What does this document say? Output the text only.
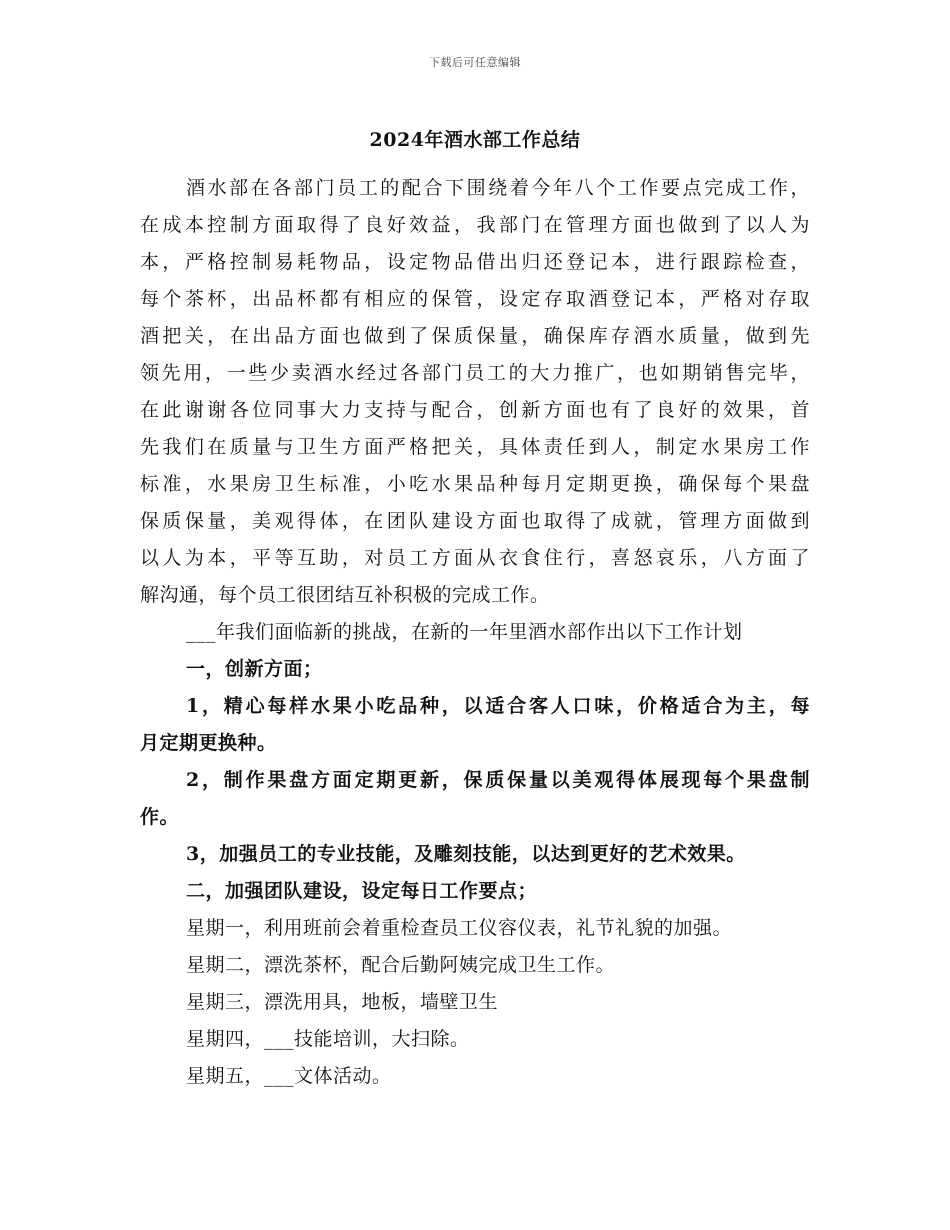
下载后可任意编辑
2024年酒水部工作总结
酒水部在各部门员工的配合下围绕着今年八个工作要点完成工作，
在成本控制方面取得了良好效益，我部门在管理方面也做到了以人为
本，严格控制易耗物品，设定物品借出归还登记本，进行跟踪检查，
每个茶杯，出品杯都有相应的保管，设定存取酒登记本，严格对存取
酒把关，在出品方面也做到了保质保量，确保库存酒水质量，做到先
领先用，一些少卖酒水经过各部门员工的大力推广，也如期销售完毕，
在此谢谢各位同事大力支持与配合，创新方面也有了良好的效果，首
先我们在质量与卫生方面严格把关，具体责任到人，制定水果房工作
标准，水果房卫生标准，小吃水果品种每月定期更换，确保每个果盘
保质保量，美观得体，在团队建设方面也取得了成就，管理方面做到
以人为本，平等互助，对员工方面从衣食住行，喜怒哀乐，八方面了
解沟通，每个员工很团结互补积极的完成工作。
___年我们面临新的挑战，在新的一年里酒水部作出以下工作计划
一，创新方面；
1，精心每样水果小吃品种，以适合客人口味，价格适合为主，每
月定期更换种。
2，制作果盘方面定期更新，保质保量以美观得体展现每个果盘制
作。
3，加强员工的专业技能，及雕刻技能，以达到更好的艺术效果。
二，加强团队建设，设定每日工作要点；
星期一，利用班前会着重检查员工仪容仪表，礼节礼貌的加强。
星期二，漂洗茶杯，配合后勤阿姨完成卫生工作。
星期三，漂洗用具，地板，墙壁卫生
星期四，___技能培训，大扫除。
星期五，___文体活动。
